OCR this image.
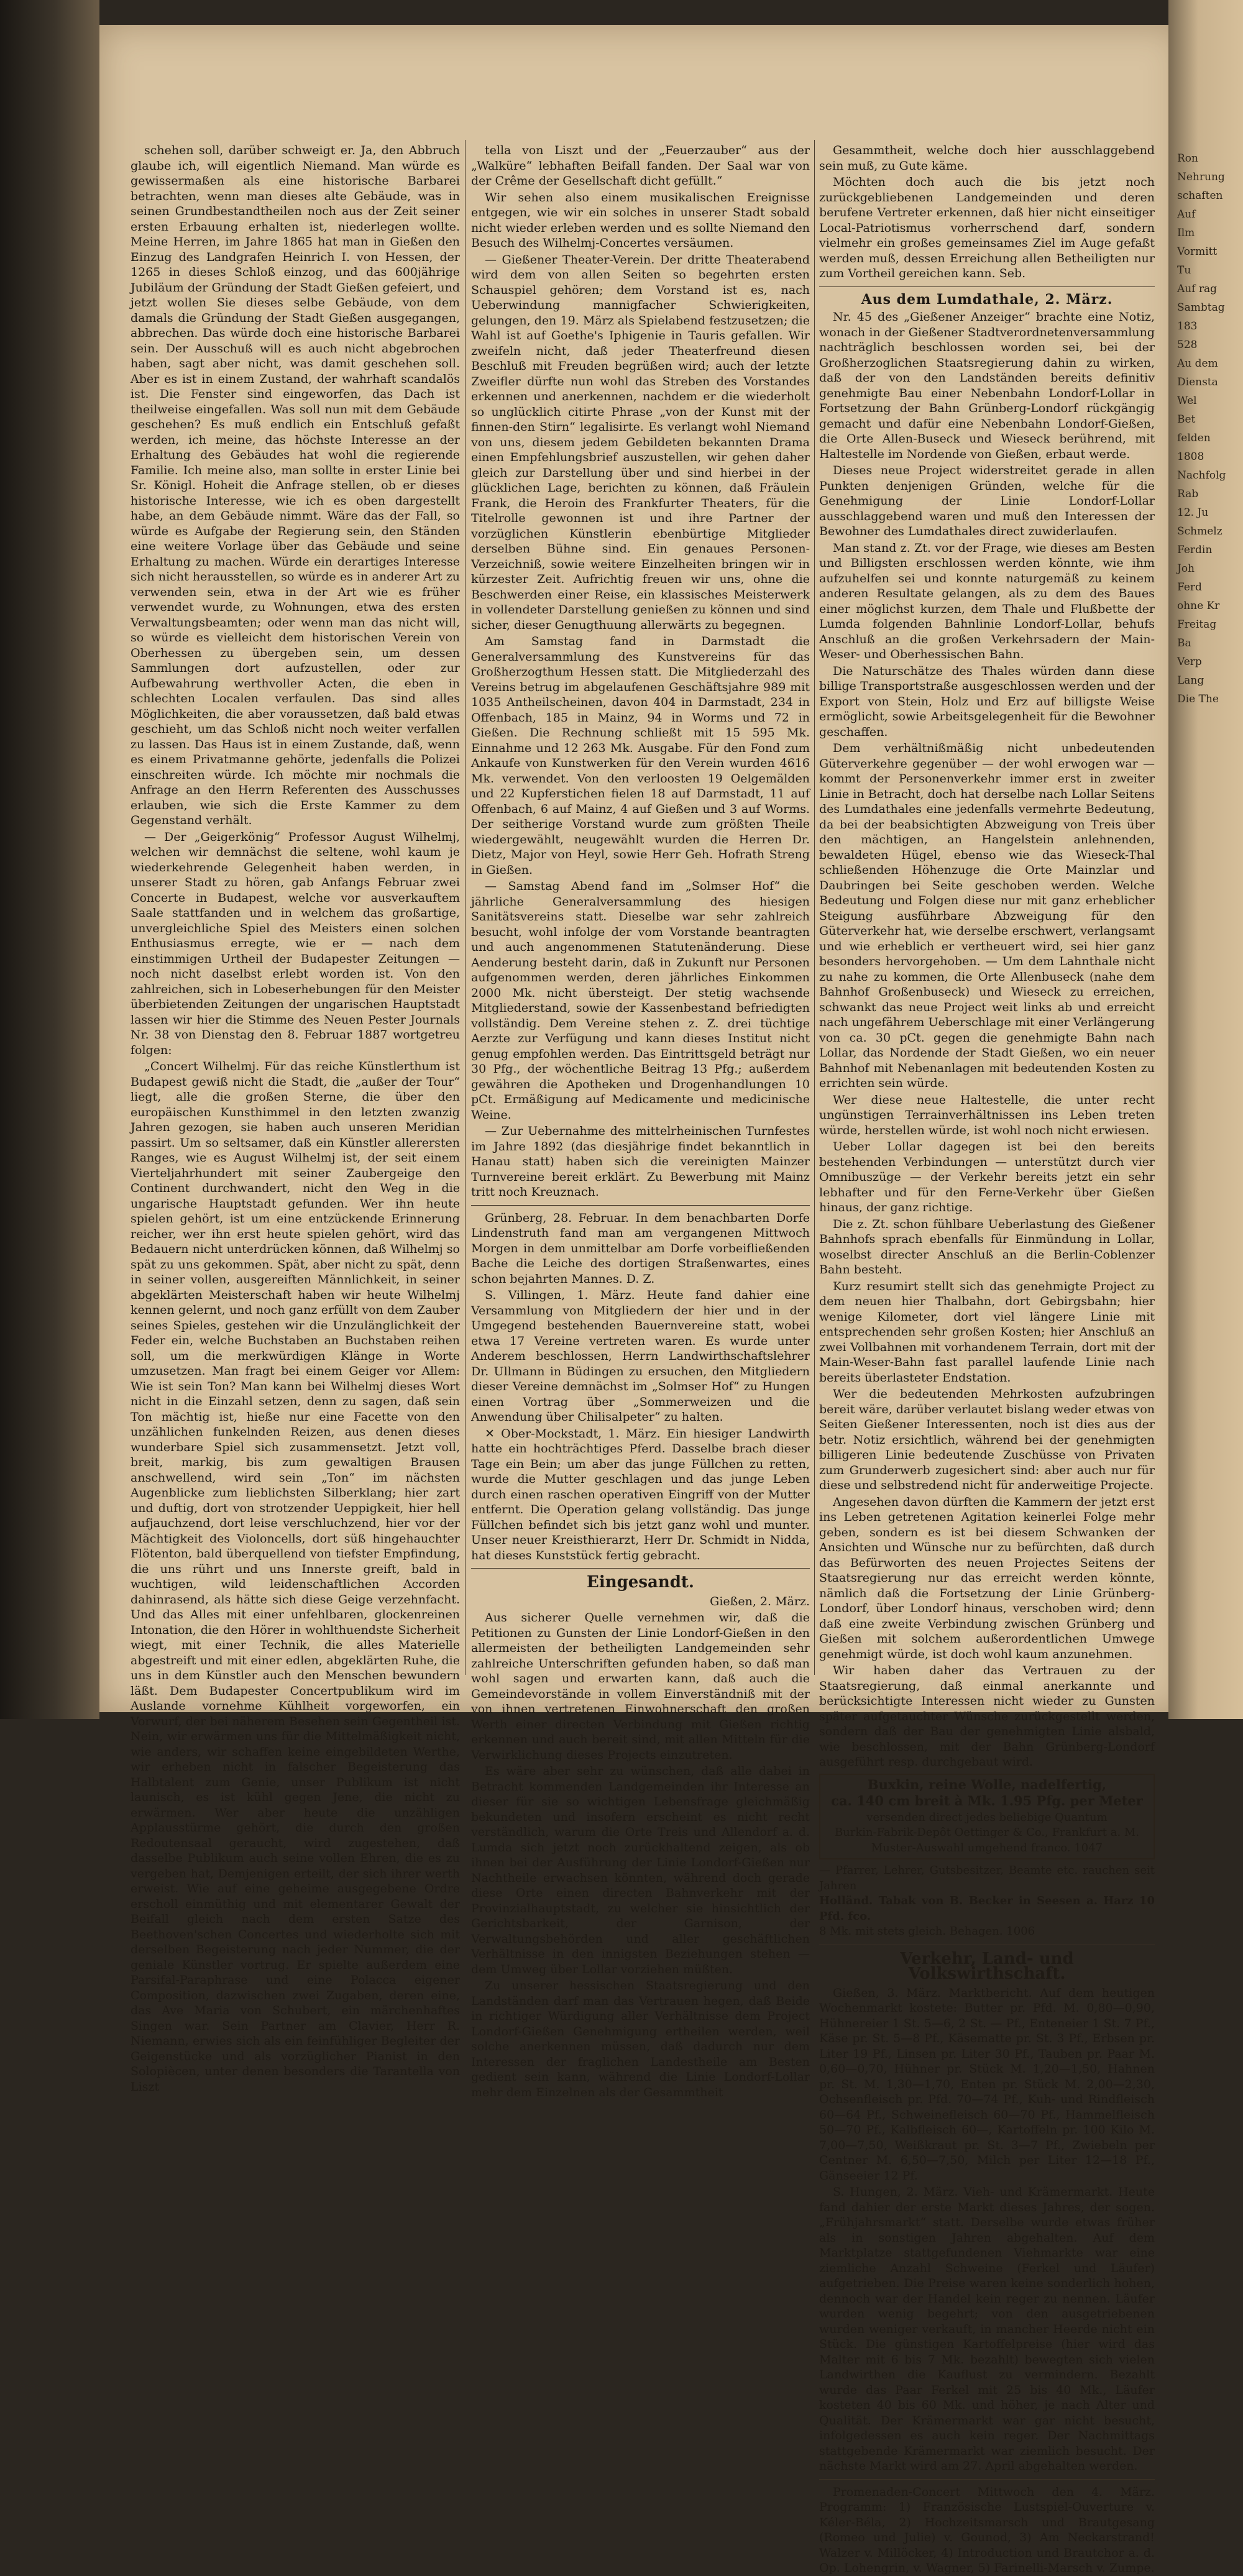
schehen soll, darüber schweigt er. Ja, den Abbruch glaube ich, will eigentlich Niemand. Man würde es gewissermaßen als eine historische Barbarei betrachten, wenn man dieses alte Gebäude, was in seinen Grundbestandtheilen noch aus der Zeit seiner ersten Erbauung erhalten ist, niederlegen wollte. Meine Herren, im Jahre 1865 hat man in Gießen den Einzug des Landgrafen Heinrich I. von Hessen, der 1265 in dieses Schloß einzog, und das 600jährige Jubiläum der Gründung der Stadt Gießen gefeiert, und jetzt wollen Sie dieses selbe Gebäude, von dem damals die Gründung der Stadt Gießen ausgegangen, abbrechen. Das würde doch eine historische Barbarei sein. Der Ausschuß will es auch nicht abgebrochen haben, sagt aber nicht, was damit geschehen soll. Aber es ist in einem Zustand, der wahrhaft scandalös ist. Die Fenster sind eingeworfen, das Dach ist theilweise eingefallen. Was soll nun mit dem Gebäude geschehen? Es muß endlich ein Entschluß gefaßt werden, ich meine, das höchste Interesse an der Erhaltung des Gebäudes hat wohl die regierende Familie. Ich meine also, man sollte in erster Linie bei Sr. Königl. Hoheit die Anfrage stellen, ob er dieses historische Interesse, wie ich es oben dargestellt habe, an dem Gebäude nimmt. Wäre das der Fall, so würde es Aufgabe der Regierung sein, den Ständen eine weitere Vorlage über das Gebäude und seine Erhaltung zu machen. Würde ein derartiges Interesse sich nicht herausstellen, so würde es in anderer Art zu verwenden sein, etwa in der Art wie es früher verwendet wurde, zu Wohnungen, etwa des ersten Verwaltungsbeamten; oder wenn man das nicht will, so würde es vielleicht dem historischen Verein von Oberhessen zu übergeben sein, um dessen Sammlungen dort aufzustellen, oder zur Aufbewahrung werthvoller Acten, die eben in schlechten Localen verfaulen. Das sind alles Möglichkeiten, die aber voraussetzen, daß bald etwas geschieht, um das Schloß nicht noch weiter verfallen zu lassen. Das Haus ist in einem Zustande, daß, wenn es einem Privatmanne gehörte, jedenfalls die Polizei einschreiten würde. Ich möchte mir nochmals die Anfrage an den Herrn Referenten des Ausschusses erlauben, wie sich die Erste Kammer zu dem Gegenstand verhält.

— Der „Geigerkönig“ Professor August Wilhelmj, welchen wir demnächst die seltene, wohl kaum je wiederkehrende Gelegenheit haben werden, in unserer Stadt zu hören, gab Anfangs Februar zwei Concerte in Budapest, welche vor ausverkauftem Saale stattfanden und in welchem das großartige, unvergleichliche Spiel des Meisters einen solchen Enthusiasmus erregte, wie er — nach dem einstimmigen Urtheil der Budapester Zeitungen — noch nicht daselbst erlebt worden ist. Von den zahlreichen, sich in Lobeserhebungen für den Meister überbietenden Zeitungen der ungarischen Hauptstadt lassen wir hier die Stimme des Neuen Pester Journals Nr. 38 von Dienstag den 8. Februar 1887 wortgetreu folgen:

„Concert Wilhelmj. Für das reiche Künstlerthum ist Budapest gewiß nicht die Stadt, die „außer der Tour“ liegt, alle die großen Sterne, die über den europäischen Kunsthimmel in den letzten zwanzig Jahren gezogen, sie haben auch unseren Meridian passirt. Um so seltsamer, daß ein Künstler allerersten Ranges, wie es August Wilhelmj ist, der seit einem Vierteljahrhundert mit seiner Zaubergeige den Continent durchwandert, nicht den Weg in die ungarische Hauptstadt gefunden. Wer ihn heute spielen gehört, ist um eine entzückende Erinnerung reicher, wer ihn erst heute spielen gehört, wird das Bedauern nicht unterdrücken können, daß Wilhelmj so spät zu uns gekommen. Spät, aber nicht zu spät, denn in seiner vollen, ausgereiften Männlichkeit, in seiner abgeklärten Meisterschaft haben wir heute Wilhelmj kennen gelernt, und noch ganz erfüllt von dem Zauber seines Spieles, gestehen wir die Unzulänglichkeit der Feder ein, welche Buchstaben an Buchstaben reihen soll, um die merkwürdigen Klänge in Worte umzusetzen. Man fragt bei einem Geiger vor Allem: Wie ist sein Ton? Man kann bei Wilhelmj dieses Wort nicht in die Einzahl setzen, denn zu sagen, daß sein Ton mächtig ist, hieße nur eine Facette von den unzählichen funkelnden Reizen, aus denen dieses wunderbare Spiel sich zusammensetzt. Jetzt voll, breit, markig, bis zum gewaltigen Brausen anschwellend, wird sein „Ton“ im nächsten Augenblicke zum lieblichsten Silberklang; hier zart und duftig, dort von strotzender Ueppigkeit, hier hell aufjauchzend, dort leise verschluchzend, hier vor der Mächtigkeit des Violoncells, dort süß hingehauchter Flötenton, bald überquellend von tiefster Empfindung, die uns rührt und uns Innerste greift, bald in wuchtigen, wild leidenschaftlichen Accorden dahinrasend, als hätte sich diese Geige verzehnfacht. Und das Alles mit einer unfehlbaren, glockenreinen Intonation, die den Hörer in wohlthuendste Sicherheit wiegt, mit einer Technik, die alles Materielle abgestreift und mit einer edlen, abgeklärten Ruhe, die uns in dem Künstler auch den Menschen bewundern läßt. Dem Budapester Concertpublikum wird im Auslande vornehme Kühlheit vorgeworfen, ein Vorwurf, der bei näherem Besehen sein Gegentheil ist. Nein, wir erwärmen uns für die Mittelmäßigkeit nicht, wie anders, wir schaffen keine eingebildeten Werthe, wir erheben nicht in falscher Begeisterung das Halbtalent zum Genie, unser Publikum ist nicht launisch, es ist kühl gegen Jene, die nicht zu erwärmen. Wer aber heute die unzähligen Applausstürme gehört, die durch den großen Redoutensaal geraucht, wird zugestehen, daß dasselbe Publikum auch seine vollen Ehren, die es zu vergeben hat, Demjenigen erteilt, der sich ihrer werth erweist. Wie auf eine geheime ausgegebene Ordre erscholl einmüthig und mit elementarer Gewalt der Beifall gleich nach dem ersten Satze des Beethoven'schen Concertes und wiederholte sich mit derselben Begeisterung nach jeder Nummer, die der geniale Künstler vortrug. Er spielte außerdem eine Parsifal-Paraphrase und eine Polacca eigener Composition, dazwischen zwei Zugaben, deren eine, das Ave Maria von Schubert, ein märchenhaftes Singen war. Sein Partner am Clavier, Herr R. Niemann, erwies sich als ein feinfühliger Begleiter der Geigenstücke und als vorzüglicher Pianist in den Solopiècen, unter denen besonders die Tarantella von Liszt

tella von Liszt und der „Feuerzauber“ aus der „Walküre“ lebhaften Beifall fanden. Der Saal war von der Crême der Gesellschaft dicht gefüllt.“

Wir sehen also einem musikalischen Ereignisse entgegen, wie wir ein solches in unserer Stadt sobald nicht wieder erleben werden und es sollte Niemand den Besuch des Wilhelmj-Concertes versäumen.

— Gießener Theater-Verein. Der dritte Theaterabend wird dem von allen Seiten so begehrten ersten Schauspiel gehören; dem Vorstand ist es, nach Ueberwindung mannigfacher Schwierigkeiten, gelungen, den 19. März als Spielabend festzusetzen; die Wahl ist auf Goethe's Iphigenie in Tauris gefallen. Wir zweifeln nicht, daß jeder Theaterfreund diesen Beschluß mit Freuden begrüßen wird; auch der letzte Zweifler dürfte nun wohl das Streben des Vorstandes erkennen und anerkennen, nachdem er die wiederholt so unglücklich citirte Phrase „von der Kunst mit der finnen-den Stirn“ legalisirte. Es verlangt wohl Niemand von uns, diesem jedem Gebildeten bekannten Drama einen Empfehlungsbrief auszustellen, wir gehen daher gleich zur Darstellung über und sind hierbei in der glücklichen Lage, berichten zu können, daß Fräulein Frank, die Heroin des Frankfurter Theaters, für die Titelrolle gewonnen ist und ihre Partner der vorzüglichen Künstlerin ebenbürtige Mitglieder derselben Bühne sind. Ein genaues Personen-Verzeichniß, sowie weitere Einzelheiten bringen wir in kürzester Zeit. Aufrichtig freuen wir uns, ohne die Beschwerden einer Reise, ein klassisches Meisterwerk in vollendeter Darstellung genießen zu können und sind sicher, dieser Genugthuung allerwärts zu begegnen.

Am Samstag fand in Darmstadt die Generalversammlung des Kunstvereins für das Großherzogthum Hessen statt. Die Mitgliederzahl des Vereins betrug im abgelaufenen Geschäftsjahre 989 mit 1035 Antheilscheinen, davon 404 in Darmstadt, 234 in Offenbach, 185 in Mainz, 94 in Worms und 72 in Gießen. Die Rechnung schließt mit 15 595 Mk. Einnahme und 12 263 Mk. Ausgabe. Für den Fond zum Ankaufe von Kunstwerken für den Verein wurden 4616 Mk. verwendet. Von den verloosten 19 Oelgemälden und 22 Kupferstichen fielen 18 auf Darmstadt, 11 auf Offenbach, 6 auf Mainz, 4 auf Gießen und 3 auf Worms. Der seitherige Vorstand wurde zum größten Theile wiedergewählt, neugewählt wurden die Herren Dr. Dietz, Major von Heyl, sowie Herr Geh. Hofrath Streng in Gießen.

— Samstag Abend fand im „Solmser Hof“ die jährliche Generalversammlung des hiesigen Sanitätsvereins statt. Dieselbe war sehr zahlreich besucht, wohl infolge der vom Vorstande beantragten und auch angenommenen Statutenänderung. Diese Aenderung besteht darin, daß in Zukunft nur Personen aufgenommen werden, deren jährliches Einkommen 2000 Mk. nicht übersteigt. Der stetig wachsende Mitgliederstand, sowie der Kassenbestand befriedigten vollständig. Dem Vereine stehen z. Z. drei tüchtige Aerzte zur Verfügung und kann dieses Institut nicht genug empfohlen werden. Das Eintrittsgeld beträgt nur 30 Pfg., der wöchentliche Beitrag 13 Pfg.; außerdem gewähren die Apotheken und Drogenhandlungen 10 pCt. Ermäßigung auf Medicamente und medicinische Weine.

— Zur Uebernahme des mittelrheinischen Turnfestes im Jahre 1892 (das diesjährige findet bekanntlich in Hanau statt) haben sich die vereinigten Mainzer Turnvereine bereit erklärt. Zu Bewerbung mit Mainz tritt noch Kreuznach.

Grünberg, 28. Februar. In dem benachbarten Dorfe Lindenstruth fand man am vergangenen Mittwoch Morgen in dem unmittelbar am Dorfe vorbeifließenden Bache die Leiche des dortigen Straßenwartes, eines schon bejahrten Mannes. D. Z.

S. Villingen, 1. März. Heute fand dahier eine Versammlung von Mitgliedern der hier und in der Umgegend bestehenden Bauernvereine statt, wobei etwa 17 Vereine vertreten waren. Es wurde unter Anderem beschlossen, Herrn Landwirthschaftslehrer Dr. Ullmann in Büdingen zu ersuchen, den Mitgliedern dieser Vereine demnächst im „Solmser Hof“ zu Hungen einen Vortrag über „Sommerweizen und die Anwendung über Chilisalpeter“ zu halten.

✕ Ober-Mockstadt, 1. März. Ein hiesiger Landwirth hatte ein hochträchtiges Pferd. Dasselbe brach dieser Tage ein Bein; um aber das junge Füllchen zu retten, wurde die Mutter geschlagen und das junge Leben durch einen raschen operativen Eingriff von der Mutter entfernt. Die Operation gelang vollständig. Das junge Füllchen befindet sich bis jetzt ganz wohl und munter. Unser neuer Kreisthierarzt, Herr Dr. Schmidt in Nidda, hat dieses Kunststück fertig gebracht.

Eingesandt.

Gießen, 2. März.

Aus sicherer Quelle vernehmen wir, daß die Petitionen zu Gunsten der Linie Londorf-Gießen in den allermeisten der betheiligten Landgemeinden sehr zahlreiche Unterschriften gefunden haben, so daß man wohl sagen und erwarten kann, daß auch die Gemeindevorstände in vollem Einverständniß mit der von ihnen vertretenen Einwohnerschaft den großen Werth einer directen Verbindung mit Gießen richtig erkennen und auch bereit sind, mit allen Mitteln für die Verwirklichung dieses Projects einzutreten.

Es wäre aber sehr zu wünschen, daß alle dabei in Betracht kommenden Landgemeinden ihr Interesse an dieser für sie so wichtigen Lebensfrage gleichmäßig bekundeten und insofern erscheint es nicht recht verständlich, warum die Orte Treis und Allendorf a. d. Lumda sich jetzt noch zurückhaltend zeigen, als ob ihnen bei der Ausführung der Linie Londorf-Gießen nur Nachtheile erwachsen könnten, während doch gerade diese Orte einen directen Bahnverkehr mit der Provinzialhauptstadt, zu welcher sie hinsichtlich der Gerichtsbarkeit, der Garnison, der Verwaltungsbehörden und aller geschäftlichen Verhältnisse in den innigsten Beziehungen stehen — dem Umweg über Lollar vorziehen müßten.

Zu unserer hessischen Staatsregierung und den Landständen darf man das Vertrauen hegen, daß Beide in richtiger Würdigung aller Verhältnisse dem Project Londorf-Gießen Genehmigung ertheilen werden, weil solche anerkennen müssen, daß dadurch nur dem Interessen der fraglichen Landestheile am Besten gedient sein kann, während die Linie Londorf-Lollar mehr dem Einzelnen als der Gesammtheit

Gesammtheit, welche doch hier ausschlaggebend sein muß, zu Gute käme.

Möchten doch auch die bis jetzt noch zurückgebliebenen Landgemeinden und deren berufene Vertreter erkennen, daß hier nicht einseitiger Local-Patriotismus vorherrschend darf, sondern vielmehr ein großes gemeinsames Ziel im Auge gefaßt werden muß, dessen Erreichung allen Betheiligten nur zum Vortheil gereichen kann. Seb.

Aus dem Lumdathale, 2. März.

Nr. 45 des „Gießener Anzeiger“ brachte eine Notiz, wonach in der Gießener Stadtverordnetenversammlung nachträglich beschlossen worden sei, bei der Großherzoglichen Staatsregierung dahin zu wirken, daß der von den Landständen bereits definitiv genehmigte Bau einer Nebenbahn Londorf-Lollar in Fortsetzung der Bahn Grünberg-Londorf rückgängig gemacht und dafür eine Nebenbahn Londorf-Gießen, die Orte Allen-Buseck und Wieseck berührend, mit Haltestelle im Nordende von Gießen, erbaut werde.

Dieses neue Project widerstreitet gerade in allen Punkten denjenigen Gründen, welche für die Genehmigung der Linie Londorf-Lollar ausschlaggebend waren und muß den Interessen der Bewohner des Lumdathales direct zuwiderlaufen.

Man stand z. Zt. vor der Frage, wie dieses am Besten und Billigsten erschlossen werden könnte, wie ihm aufzuhelfen sei und konnte naturgemäß zu keinem anderen Resultate gelangen, als zu dem des Baues einer möglichst kurzen, dem Thale und Flußbette der Lumda folgenden Bahnlinie Londorf-Lollar, behufs Anschluß an die großen Verkehrsadern der Main-Weser- und Oberhessischen Bahn.

Die Naturschätze des Thales würden dann diese billige Transportstraße ausgeschlossen werden und der Export von Stein, Holz und Erz auf billigste Weise ermöglicht, sowie Arbeitsgelegenheit für die Bewohner geschaffen.

Dem verhältnißmäßig nicht unbedeutenden Güterverkehre gegenüber — der wohl erwogen war — kommt der Personenverkehr immer erst in zweiter Linie in Betracht, doch hat derselbe nach Lollar Seitens des Lumdathales eine jedenfalls vermehrte Bedeutung, da bei der beabsichtigten Abzweigung von Treis über den mächtigen, an Hangelstein anlehnenden, bewaldeten Hügel, ebenso wie das Wieseck-Thal schließenden Höhenzuge die Orte Mainzlar und Daubringen bei Seite geschoben werden. Welche Bedeutung und Folgen diese nur mit ganz erheblicher Steigung ausführbare Abzweigung für den Güterverkehr hat, wie derselbe erschwert, verlangsamt und wie erheblich er vertheuert wird, sei hier ganz besonders hervorgehoben. — Um dem Lahnthale nicht zu nahe zu kommen, die Orte Allenbuseck (nahe dem Bahnhof Großenbuseck) und Wieseck zu erreichen, schwankt das neue Project weit links ab und erreicht nach ungefährem Ueberschlage mit einer Verlängerung von ca. 30 pCt. gegen die genehmigte Bahn nach Lollar, das Nordende der Stadt Gießen, wo ein neuer Bahnhof mit Nebenanlagen mit bedeutenden Kosten zu errichten sein würde.

Wer diese neue Haltestelle, die unter recht ungünstigen Terrainverhältnissen ins Leben treten würde, herstellen würde, ist wohl noch nicht erwiesen.

Ueber Lollar dagegen ist bei den bereits bestehenden Verbindungen — unterstützt durch vier Omnibuszüge — der Verkehr bereits jetzt ein sehr lebhafter und für den Ferne-Verkehr über Gießen hinaus, der ganz richtige.

Die z. Zt. schon fühlbare Ueberlastung des Gießener Bahnhofs sprach ebenfalls für Einmündung in Lollar, woselbst directer Anschluß an die Berlin-Coblenzer Bahn besteht.

Kurz resumirt stellt sich das genehmigte Project zu dem neuen hier Thalbahn, dort Gebirgsbahn; hier wenige Kilometer, dort viel längere Linie mit entsprechenden sehr großen Kosten; hier Anschluß an zwei Vollbahnen mit vorhandenem Terrain, dort mit der Main-Weser-Bahn fast parallel laufende Linie nach bereits überlasteter Endstation.

Wer die bedeutenden Mehrkosten aufzubringen bereit wäre, darüber verlautet bislang weder etwas von Seiten Gießener Interessenten, noch ist dies aus der betr. Notiz ersichtlich, während bei der genehmigten billigeren Linie bedeutende Zuschüsse von Privaten zum Grunderwerb zugesichert sind: aber auch nur für diese und selbstredend nicht für anderweitige Projecte.

Angesehen davon dürften die Kammern der jetzt erst ins Leben getretenen Agitation keinerlei Folge mehr geben, sondern es ist bei diesem Schwanken der Ansichten und Wünsche nur zu befürchten, daß durch das Befürworten des neuen Projectes Seitens der Staatsregierung nur das erreicht werden könnte, nämlich daß die Fortsetzung der Linie Grünberg-Londorf, über Londorf hinaus, verschoben wird; denn daß eine zweite Verbindung zwischen Grünberg und Gießen mit solchem außerordentlichen Umwege genehmigt würde, ist doch wohl kaum anzunehmen.

Wir haben daher das Vertrauen zu der Staatsregierung, daß einmal anerkannte und berücksichtigte Interessen nicht wieder zu Gunsten später aufgetauchter Wünsche zurückgestellt werden, sondern daß der Bau der genehmigten Linie alsbald, wie beschlossen, mit der Bahn Grünberg-Londorf ausgeführt resp. durchgebaut wird.

Buxkin, reine Wolle, nadelfertig,
ca. 140 cm breit à Mk. 1.95 Pfg. per Meter
versenden direct jedes beliebige Quantum
Burkin-Fabrik-Depôt Oettinger & Co., Frankfurt a. M.
Muster-Auswahl umgehend franco. 1047
— Pfarrer, Lehrer, Gutsbesitzer, Beamte etc. rauchen seit Jahren
Holländ. Tabak von B. Becker in Seesen a. Harz 10 Pfd. fco.
8 Mk. mit stets gleich. Behagen. 1006
Verkehr, Land- und Volkswirthschaft.

Gießen, 3. März. Marktbericht. Auf dem heutigen Wochenmarkt kostete: Butter pr. Pfd. M. 0,80—0,90, Hühnereier 1 St. 5—6, 2 St. — Pf., Enteneier 1 St. 7 Pf., Käse pr. St. 5—8 Pf., Käsematte pr. St. 3 Pf., Erbsen pr. Liter 19 Pf., Linsen pr. Liter 30 Pf., Tauben pr. Paar M. 0,60—0,70, Hühner pr. Stück M. 1,20—1,50, Hahnen pr. St. M. 1,30—1,70, Enten pr. Stück M. 2,00—2,30, Ochsenfleisch pr. Pfd. 70—74 Pf., Kuh- und Rindfleisch 60—64 Pf., Schweinefleisch 60—70 Pf., Hammelfleisch 50—70 Pf., Kalbfleisch 60—, Kartoffeln pr. 100 Kilo M. 7,00—7,50, Weißkraut pr. St. 3—7 Pf., Zwiebeln per Centner M. 6,50—7,50, Milch per Liter 12—18 Pf., Gänseeier 12 Pf.

S. Hungen, 2. März. Vieh- und Krämermarkt. Heute fand dahier der erste Markt dieses Jahres, der sogen. „Frühjahrsmarkt“ statt. Derselbe wurde etwas früher als in sonstigen Jahren abgehalten. Auf dem Marktplatze stattgefundenen Viehmarkte war eine ziemliche Anzahl Schweine (Ferkel und Läufer) aufgetrieben. Die Preise waren keine sonderlich hohen, dennoch war der Handel kein reger zu nennen. Läufer wurden wenig begehrt; von den ausgetriebenen wurden weniger verkauft, in mancher Heerde nicht ein Stück. Die günstigen Kartoffelpreise (hier wird das Malter mit 6 bis 7 Mk. bezahlt) bewegten sich vielen Landwirthen die Kauflust zu vermindern. Bezahlt wurde das Paar Ferkel mit 25 bis 40 Mk., Läufer kosteten 40 bis 60 Mk. und höher, je nach Alter und Qualität. Der Krämermarkt war gar nicht besucht, infolgedessen es auch kein reger. Der Nachmittags stattgebende Krämermarkt war ziemlich besucht. Der nächste Markt wird am 27. April abgehalten werden.

Promenaden-Concert Mittwoch den 4. März. Programm: 1) Französische Lustspiel-Ouverture v. Kéler-Béla, 2) Hochzeitsmarsch und Brautgesang (Romeo und Julie) v. Gounod, 3) Am Neckarstrand! Walzer v. Millöcker, 4) Introduction und Brautchor a. d. Op. Lohengrin, v. Wagner, 5) Farinelli-Marsch v. Zumpe.

Ron
Nehrung
schaften
Auf
Ilm
Vormitt
Tu
Auf rag
Sambtag
183
528
Au dem
Diensta
Wel
Bet
felden
1808
Nachfolg
Rab
12. Ju
Schmelz
Ferdin
Joh
Ferd
ohne Kr
Freitag
Ba
Verp
Lang
Die The
